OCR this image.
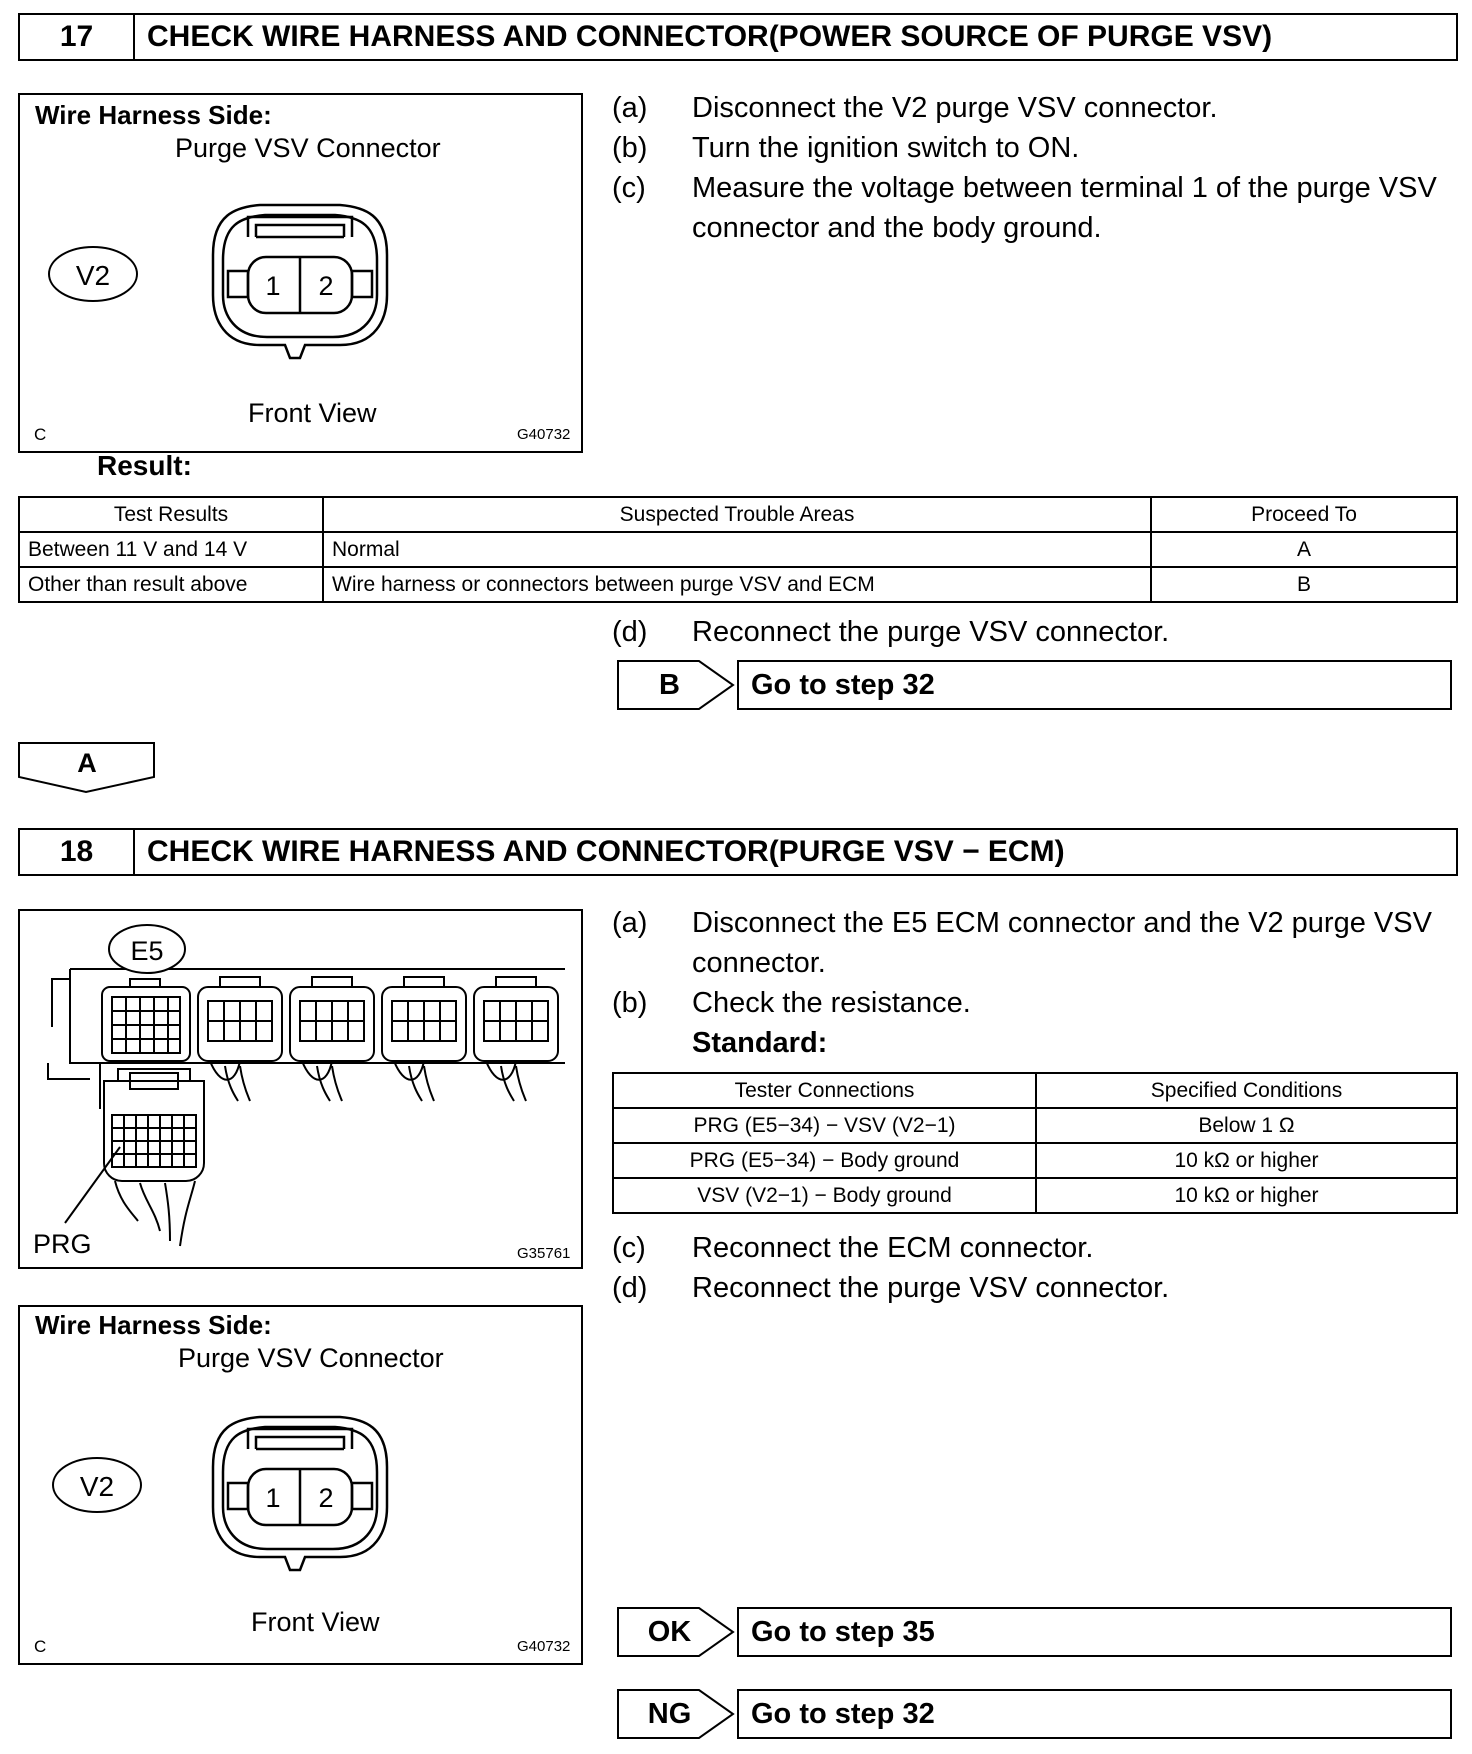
17	CHECK WIRE HARNESS AND CONNECTOR(POWER SOURCE OF PURGE VSV)
Wire Harness Side:
Purge VSV Connector
V2	1 2
Front View
C	G40732
(a)	Disconnect the V2 purge VSV connector.
(b)	Turn the ignition switch to ON.
(c)	Measure the voltage between terminal 1 of the purge VSV connector and the body ground.
Result:
Test Results	Suspected Trouble Areas	Proceed To
Between 11 V and 14 V	Normal	A
Other than result above	Wire harness or connectors between purge VSV and ECM	B
(d)	Reconnect the purge VSV connector.
B	Go to step 32
A
18	CHECK WIRE HARNESS AND CONNECTOR(PURGE VSV − ECM)
E5
PRG	G35761
Wire Harness Side:
Purge VSV Connector
V2	1 2
Front View
C	G40732
(a)	Disconnect the E5 ECM connector and the V2 purge VSV connector.
(b)	Check the resistance.
Standard:
Tester Connections	Specified Conditions
PRG (E5−34) − VSV (V2−1)	Below 1 Ω
PRG (E5−34) − Body ground	10 kΩ or higher
VSV (V2−1) − Body ground	10 kΩ or higher
(c)	Reconnect the ECM connector.
(d)	Reconnect the purge VSV connector.
OK	Go to step 35
NG	Go to step 32
